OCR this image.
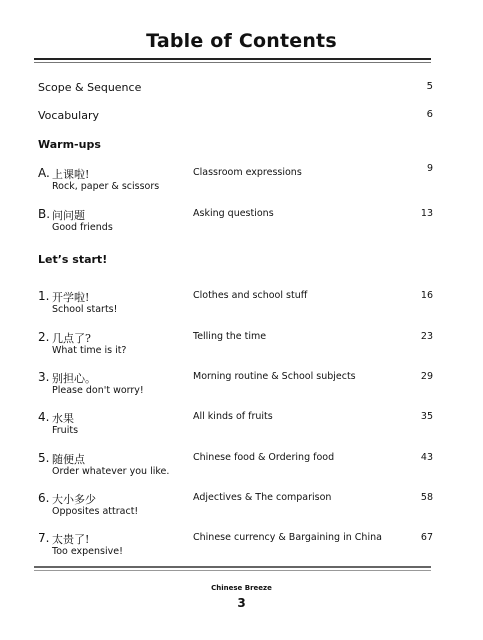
Table of Contents
Scope & Sequence	5
Vocabulary	6
Warm-ups
A. 上课啦!
Rock, paper & scissors
Classroom expressions	9
B. 问问题
Good friends
Asking questions	13
Let’s start!
1. 开学啦!
School starts!
Clothes and school stuff	16
2. 几点了?
What time is it?
Telling the time	23
3. 别担心。
Please don't worry!
Morning routine & School subjects	29
4. 水果
Fruits
All kinds of fruits	35
5. 随便点
Order whatever you like.
Chinese food & Ordering food	43
6. 大小多少
Opposites attract!
Adjectives & The comparison	58
7. 太贵了!
Too expensive!
Chinese currency & Bargaining in China	67
Chinese Breeze
3
